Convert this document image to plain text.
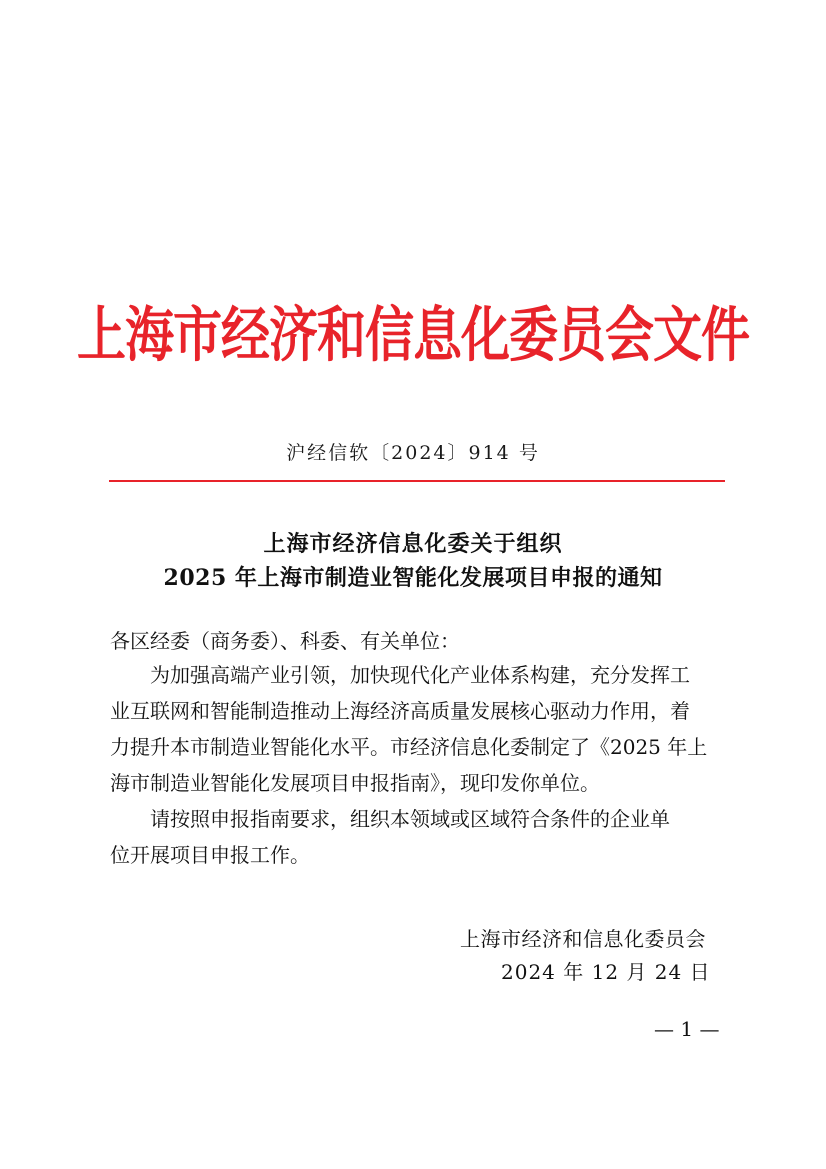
上海市经济和信息化委员会文件
沪经信软〔2024〕914 号
上海市经济信息化委关于组织
2025 年上海市制造业智能化发展项目申报的通知
各区经委（商务委）、科委、有关单位：
　　为加强高端产业引领，加快现代化产业体系构建，充分发挥工
业互联网和智能制造推动上海经济高质量发展核心驱动力作用，着
力提升本市制造业智能化水平。市经济信息化委制定了《2025 年上
海市制造业智能化发展项目申报指南》，现印发你单位。
　　请按照申报指南要求，组织本领域或区域符合条件的企业单
位开展项目申报工作。
上海市经济和信息化委员会
2024 年 12 月 24 日
— 1 —
